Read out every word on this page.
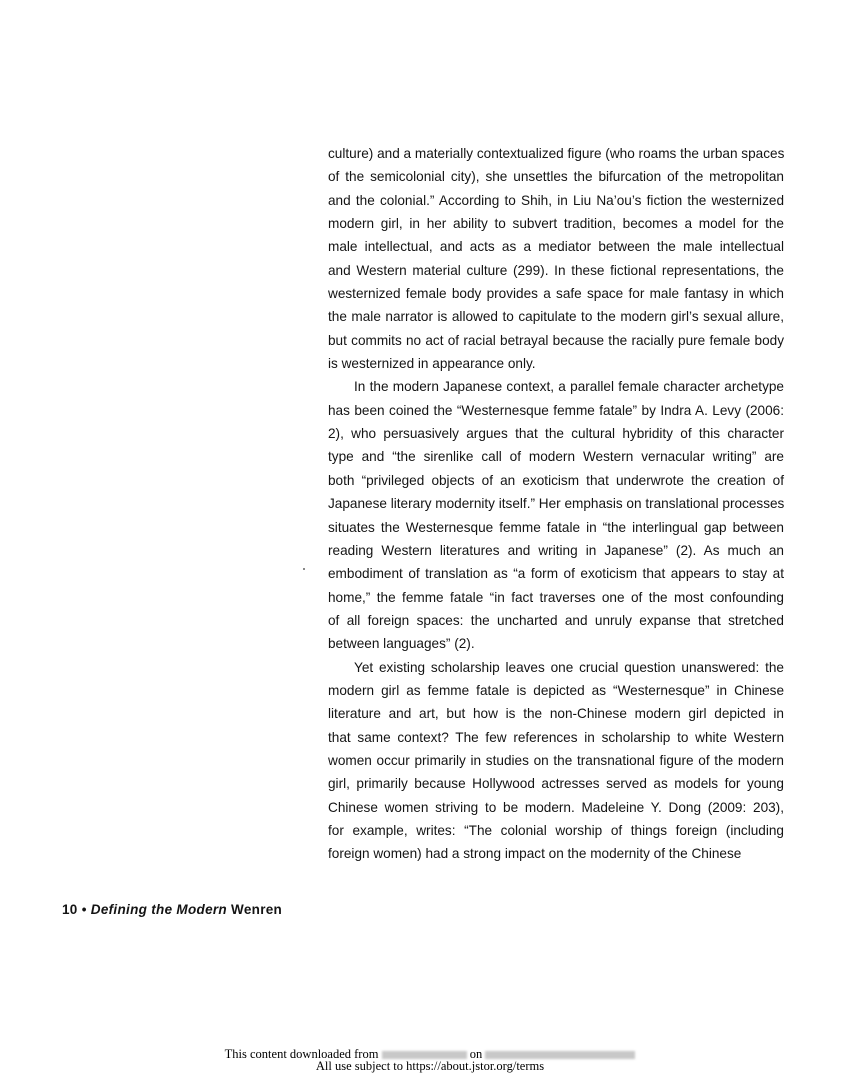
culture) and a materially contextualized figure (who roams the urban spaces
of the semicolonial city), she unsettles the bifurcation of the metropolitan
and the colonial.” According to Shih, in Liu Na’ou’s fiction the westernized
modern girl, in her ability to subvert tradition, becomes a model for the
male intellectual, and acts as a mediator between the male intellectual
and Western material culture (299). In these fictional representations, the
westernized female body provides a safe space for male fantasy in which
the male narrator is allowed to capitulate to the modern girl’s sexual allure,
but commits no act of racial betrayal because the racially pure female body
is westernized in appearance only.
In the modern Japanese context, a parallel female character archetype
has been coined the “Westernesque femme fatale” by Indra A. Levy (2006:
2), who persuasively argues that the cultural hybridity of this character
type and “the sirenlike call of modern Western vernacular writing” are
both “privileged objects of an exoticism that underwrote the creation of
Japanese literary modernity itself.” Her emphasis on translational processes
situates the Westernesque femme fatale in “the interlingual gap between
reading Western literatures and writing in Japanese” (2). As much an
embodiment of translation as “a form of exoticism that appears to stay at
home,” the femme fatale “in fact traverses one of the most confounding
of all foreign spaces: the uncharted and unruly expanse that stretched
between languages” (2).
Yet existing scholarship leaves one crucial question unanswered: the
modern girl as femme fatale is depicted as “Westernesque” in Chinese
literature and art, but how is the non-Chinese modern girl depicted in
that same context? The few references in scholarship to white Western
women occur primarily in studies on the transnational figure of the modern
girl, primarily because Hollywood actresses served as models for young
Chinese women striving to be modern. Madeleine Y. Dong (2009: 203),
for example, writes: “The colonial worship of things foreign (including
foreign women) had a strong impact on the modernity of the Chinese
10 • Defining the Modern Wenren
This content downloaded from	on
All use subject to https://about.jstor.org/terms
